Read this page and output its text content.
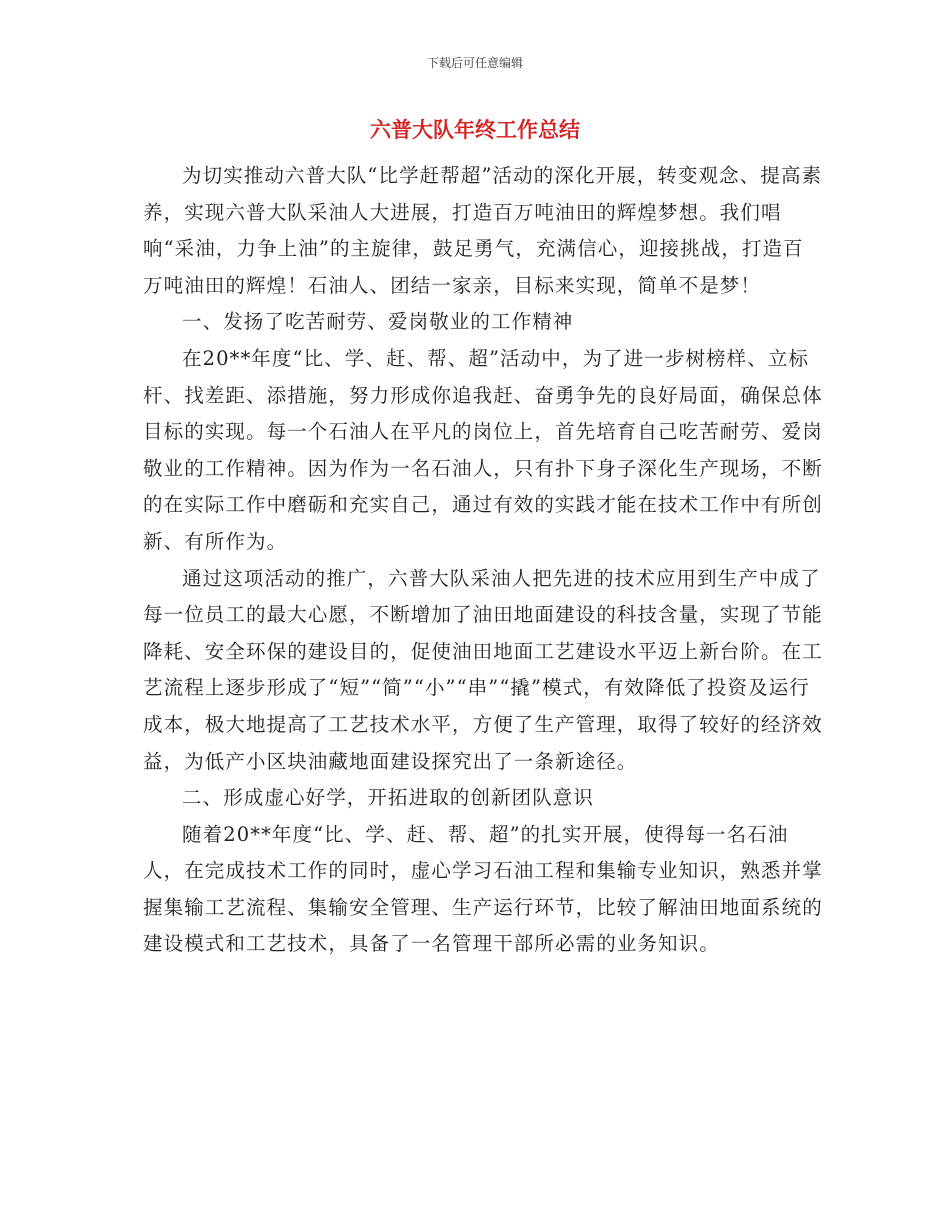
下载后可任意编辑
六普大队年终工作总结

为切实推动六普大队“比学赶帮超”活动的深化开展，转变观念、提高素养，实现六普大队采油人大进展，打造百万吨油田的辉煌梦想。我们唱响“采油，力争上油”的主旋律，鼓足勇气，充满信心，迎接挑战，打造百万吨油田的辉煌！石油人、团结一家亲，目标来实现，简单不是梦！

一、发扬了吃苦耐劳、爱岗敬业的工作精神

在20**年度“比、学、赶、帮、超”活动中，为了进一步树榜样、立标杆、找差距、添措施，努力形成你追我赶、奋勇争先的良好局面，确保总体目标的实现。每一个石油人在平凡的岗位上，首先培育自己吃苦耐劳、爱岗敬业的工作精神。因为作为一名石油人，只有扑下身子深化生产现场，不断的在实际工作中磨砺和充实自己，通过有效的实践才能在技术工作中有所创新、有所作为。

通过这项活动的推广，六普大队采油人把先进的技术应用到生产中成了每一位员工的最大心愿，不断增加了油田地面建设的科技含量，实现了节能降耗、安全环保的建设目的，促使油田地面工艺建设水平迈上新台阶。在工艺流程上逐步形成了“短”“简”“小”“串”“撬”模式，有效降低了投资及运行成本，极大地提高了工艺技术水平，方便了生产管理，取得了较好的经济效益，为低产小区块油藏地面建设探究出了一条新途径。

二、形成虚心好学，开拓进取的创新团队意识

随着20**年度“比、学、赶、帮、超”的扎实开展，使得每一名石油人，在完成技术工作的同时，虚心学习石油工程和集输专业知识，熟悉并掌握集输工艺流程、集输安全管理、生产运行环节，比较了解油田地面系统的建设模式和工艺技术，具备了一名管理干部所必需的业务知识。
